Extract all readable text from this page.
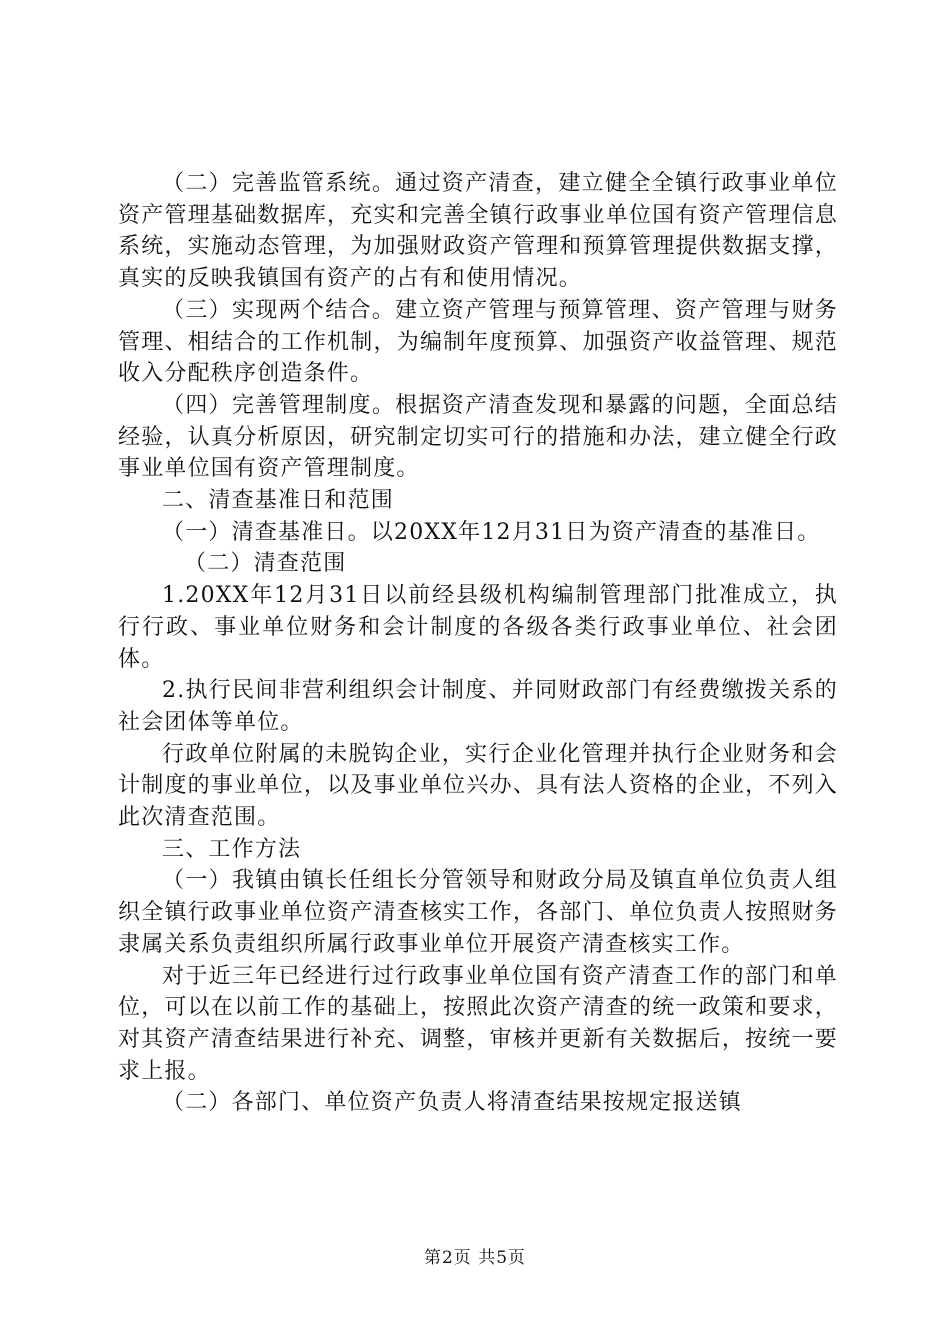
（二）完善监管系统。通过资产清查，建立健全全镇行政事业单位资产管理基础数据库，充实和完善全镇行政事业单位国有资产管理信息系统，实施动态管理，为加强财政资产管理和预算管理提供数据支撑，真实的反映我镇国有资产的占有和使用情况。

（三）实现两个结合。建立资产管理与预算管理、资产管理与财务管理、相结合的工作机制，为编制年度预算、加强资产收益管理、规范收入分配秩序创造条件。

（四）完善管理制度。根据资产清查发现和暴露的问题，全面总结经验，认真分析原因，研究制定切实可行的措施和办法，建立健全行政事业单位国有资产管理制度。

二、清查基准日和范围

（一）清查基准日。以20XX年12月31日为资产清查的基准日。

（二）清查范围

1.20XX年12月31日以前经县级机构编制管理部门批准成立，执行行政、事业单位财务和会计制度的各级各类行政事业单位、社会团体。

2.执行民间非营利组织会计制度、并同财政部门有经费缴拨关系的社会团体等单位。

行政单位附属的未脱钩企业，实行企业化管理并执行企业财务和会计制度的事业单位，以及事业单位兴办、具有法人资格的企业，不列入此次清查范围。

三、工作方法

（一）我镇由镇长任组长分管领导和财政分局及镇直单位负责人组织全镇行政事业单位资产清查核实工作，各部门、单位负责人按照财务隶属关系负责组织所属行政事业单位开展资产清查核实工作。

对于近三年已经进行过行政事业单位国有资产清查工作的部门和单位，可以在以前工作的基础上，按照此次资产清查的统一政策和要求，对其资产清查结果进行补充、调整，审核并更新有关数据后，按统一要求上报。

（二）各部门、单位资产负责人将清查结果按规定报送镇

第2页 共5页
